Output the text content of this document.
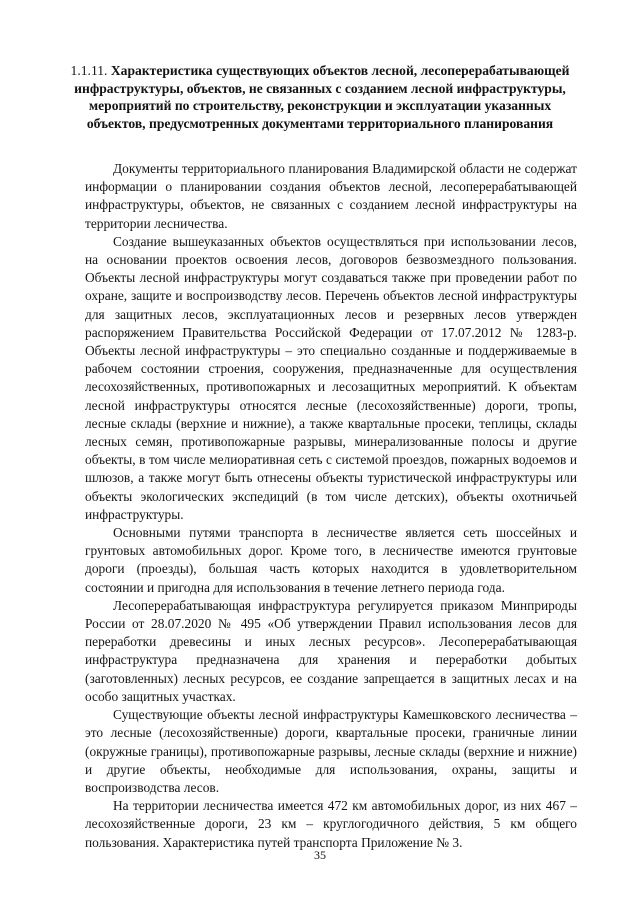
1.1.11. Характеристика существующих объектов лесной, лесоперерабатывающей инфраструктуры, объектов, не связанных с созданием лесной инфраструктуры, мероприятий по строительству, реконструкции и эксплуатации указанных объектов, предусмотренных документами территориального планирования

Документы территориального планирования Владимирской области не содержат информации о планировании создания объектов лесной, лесоперерабатывающей инфраструктуры, объектов, не связанных с созданием лесной инфраструктуры на территории лесничества.

Создание вышеуказанных объектов осуществляться при использовании лесов, на основании проектов освоения лесов, договоров безвозмездного пользования. Объекты лесной инфраструктуры могут создаваться также при проведении работ по охране, защите и воспроизводству лесов. Перечень объектов лесной инфраструктуры для защитных лесов, эксплуатационных лесов и резервных лесов утвержден распоряжением Правительства Российской Федерации от 17.07.2012 № 1283-р. Объекты лесной инфраструктуры – это специально созданные и поддерживаемые в рабочем состоянии строения, сооружения, предназначенные для осуществления лесохозяйственных, противопожарных и лесозащитных мероприятий. К объектам лесной инфраструктуры относятся лесные (лесохозяйственные) дороги, тропы, лесные склады (верхние и нижние), а также квартальные просеки, теплицы, склады лесных семян, противопожарные разрывы, минерализованные полосы и другие объекты, в том числе мелиоративная сеть с системой проездов, пожарных водоемов и шлюзов, а также могут быть отнесены объекты туристической инфраструктуры или объекты экологических экспедиций (в том числе детских), объекты охотничьей инфраструктуры.

Основными путями транспорта в лесничестве является сеть шоссейных и грунтовых автомобильных дорог. Кроме того, в лесничестве имеются грунтовые дороги (проезды), большая часть которых находится в удовлетворительном состоянии и пригодна для использования в течение летнего периода года.

Лесоперерабатывающая инфраструктура регулируется приказом Минприроды России от 28.07.2020 № 495 «Об утверждении Правил использования лесов для переработки древесины и иных лесных ресурсов». Лесоперерабатывающая инфраструктура предназначена для хранения и переработки добытых (заготовленных) лесных ресурсов, ее создание запрещается в защитных лесах и на особо защитных участках.

Существующие объекты лесной инфраструктуры Камешковского лесничества – это лесные (лесохозяйственные) дороги, квартальные просеки, граничные линии (окружные границы), противопожарные разрывы, лесные склады (верхние и нижние) и другие объекты, необходимые для использования, охраны, защиты и воспроизводства лесов.

На территории лесничества имеется 472 км автомобильных дорог, из них 467 – лесохозяйственные дороги, 23 км – круглогодичного действия, 5 км общего пользования. Характеристика путей транспорта Приложение № 3.

35
